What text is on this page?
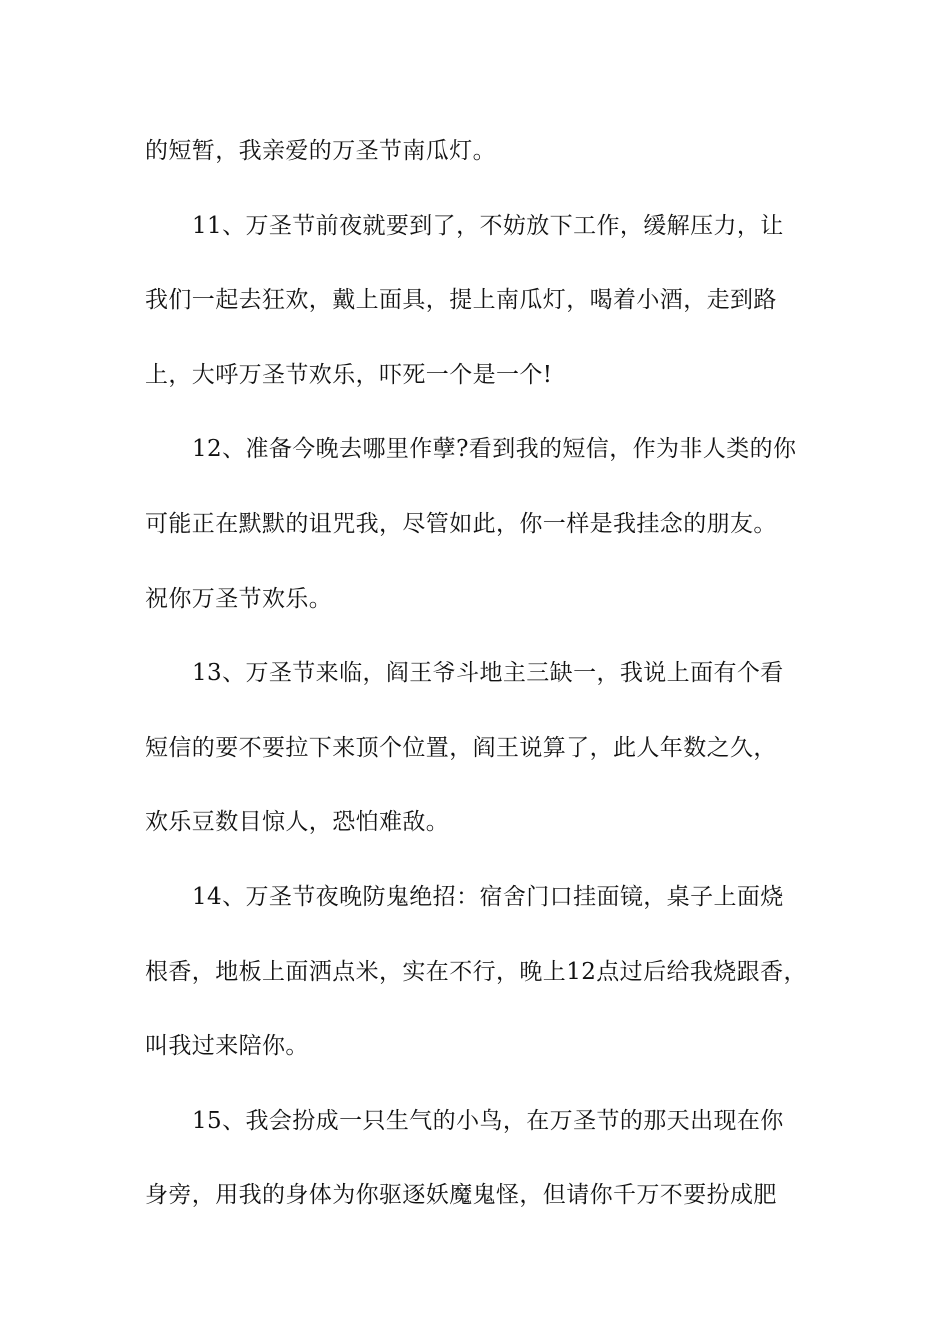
的短暂，我亲爱的万圣节南瓜灯。
11、万圣节前夜就要到了，不妨放下工作，缓解压力，让
我们一起去狂欢，戴上面具，提上南瓜灯，喝着小酒，走到路
上，大呼万圣节欢乐，吓死一个是一个!
12、准备今晚去哪里作孽?看到我的短信，作为非人类的你
可能正在默默的诅咒我，尽管如此，你一样是我挂念的朋友。
祝你万圣节欢乐。
13、万圣节来临，阎王爷斗地主三缺一，我说上面有个看
短信的要不要拉下来顶个位置，阎王说算了，此人年数之久，
欢乐豆数目惊人，恐怕难敌。
14、万圣节夜晚防鬼绝招：宿舍门口挂面镜，桌子上面烧
根香，地板上面洒点米，实在不行，晚上12点过后给我烧跟香，
叫我过来陪你。
15、我会扮成一只生气的小鸟，在万圣节的那天出现在你
身旁，用我的身体为你驱逐妖魔鬼怪，但请你千万不要扮成肥
